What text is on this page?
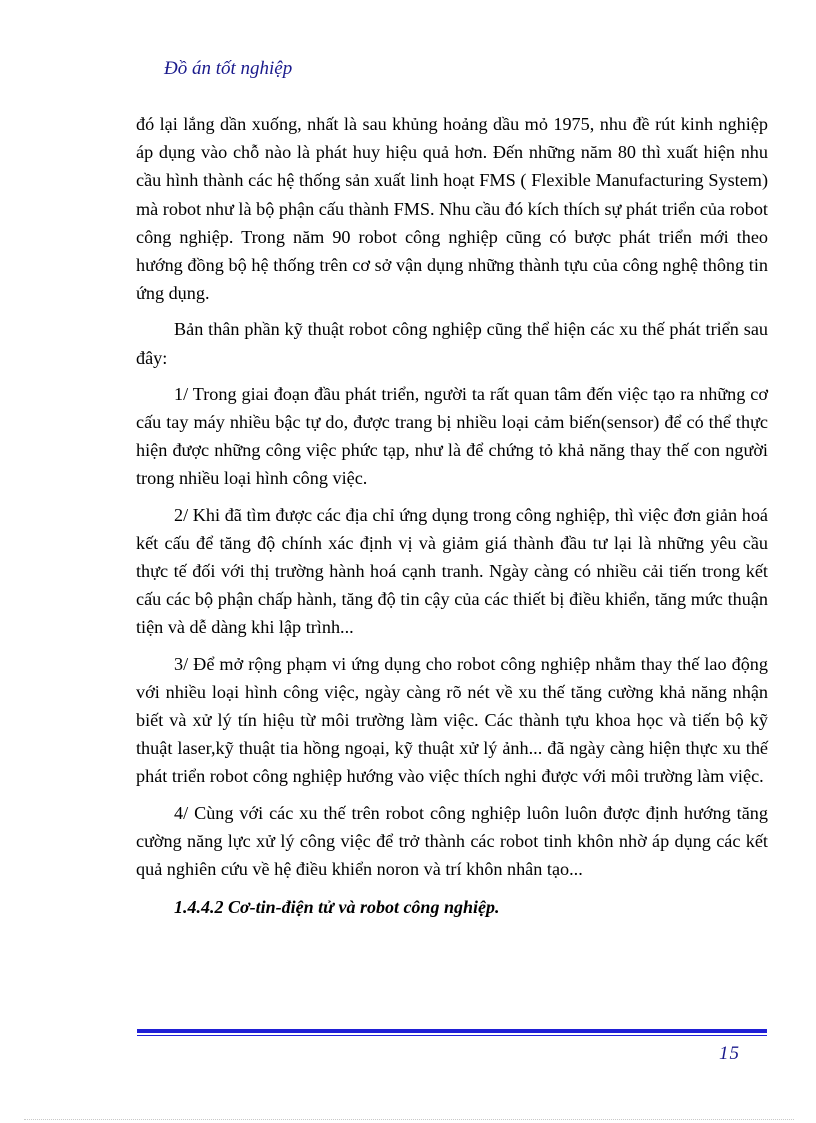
Đồ án tốt nghiệp

đó lại lắng dần xuống, nhất là sau khủng hoảng dầu mỏ 1975, nhu đề rút kinh nghiệp áp dụng vào chỗ nào là phát huy hiệu quả hơn. Đến những năm 80 thì xuất hiện nhu cầu hình thành các hệ thống sản xuất linh hoạt FMS ( Flexible Manufacturing System) mà robot như là bộ phận cấu thành FMS. Nhu cầu đó kích thích sự phát triển của robot công nghiệp. Trong năm 90 robot công nghiệp cũng có bược phát triển mới theo hướng đồng bộ hệ thống trên cơ sở vận dụng những thành tựu của công nghệ thông tin ứng dụng.

Bản thân phần kỹ thuật robot công nghiệp cũng thể hiện các xu thế phát triển sau đây:

1/ Trong giai đoạn đầu phát triển, người ta rất quan tâm đến việc tạo ra những cơ cấu tay máy nhiều bậc tự do, được trang bị nhiều loại cảm biến(sensor) để có thể thực hiện được những công việc phức tạp, như là để chứng tỏ khả năng thay thế con người trong nhiều loại hình công việc.

2/ Khi đã tìm được các địa chỉ ứng dụng trong công nghiệp, thì việc đơn giản hoá kết cấu để tăng độ chính xác định vị và giảm giá thành đầu tư lại là những yêu cầu thực tế đối với thị trường hành hoá cạnh tranh. Ngày càng có nhiều cải tiến trong kết cấu các bộ phận chấp hành, tăng độ tin cậy của các thiết bị điều khiển, tăng mức thuận tiện và dễ dàng khi lập trình...

3/ Để mở rộng phạm vi ứng dụng cho robot công nghiệp nhằm thay thế lao động với nhiều loại hình công việc, ngày càng rõ nét về xu thế tăng cường khả năng nhận biết và xử lý tín hiệu từ môi trường làm việc. Các thành tựu khoa học và tiến bộ kỹ thuật laser,kỹ thuật tia hồng ngoại, kỹ thuật xử lý ảnh... đã ngày càng hiện thực xu thế phát triển robot công nghiệp hướng vào việc thích nghi được với môi trường làm việc.

4/ Cùng với các xu thế trên robot công nghiệp luôn luôn được định hướng tăng cường năng lực xử lý công việc để trở thành các robot tinh khôn nhờ áp dụng các kết quả nghiên cứu về hệ điều khiển noron và trí khôn nhân tạo...

1.4.4.2 Cơ-tin-điện tử và robot công nghiệp.
15
